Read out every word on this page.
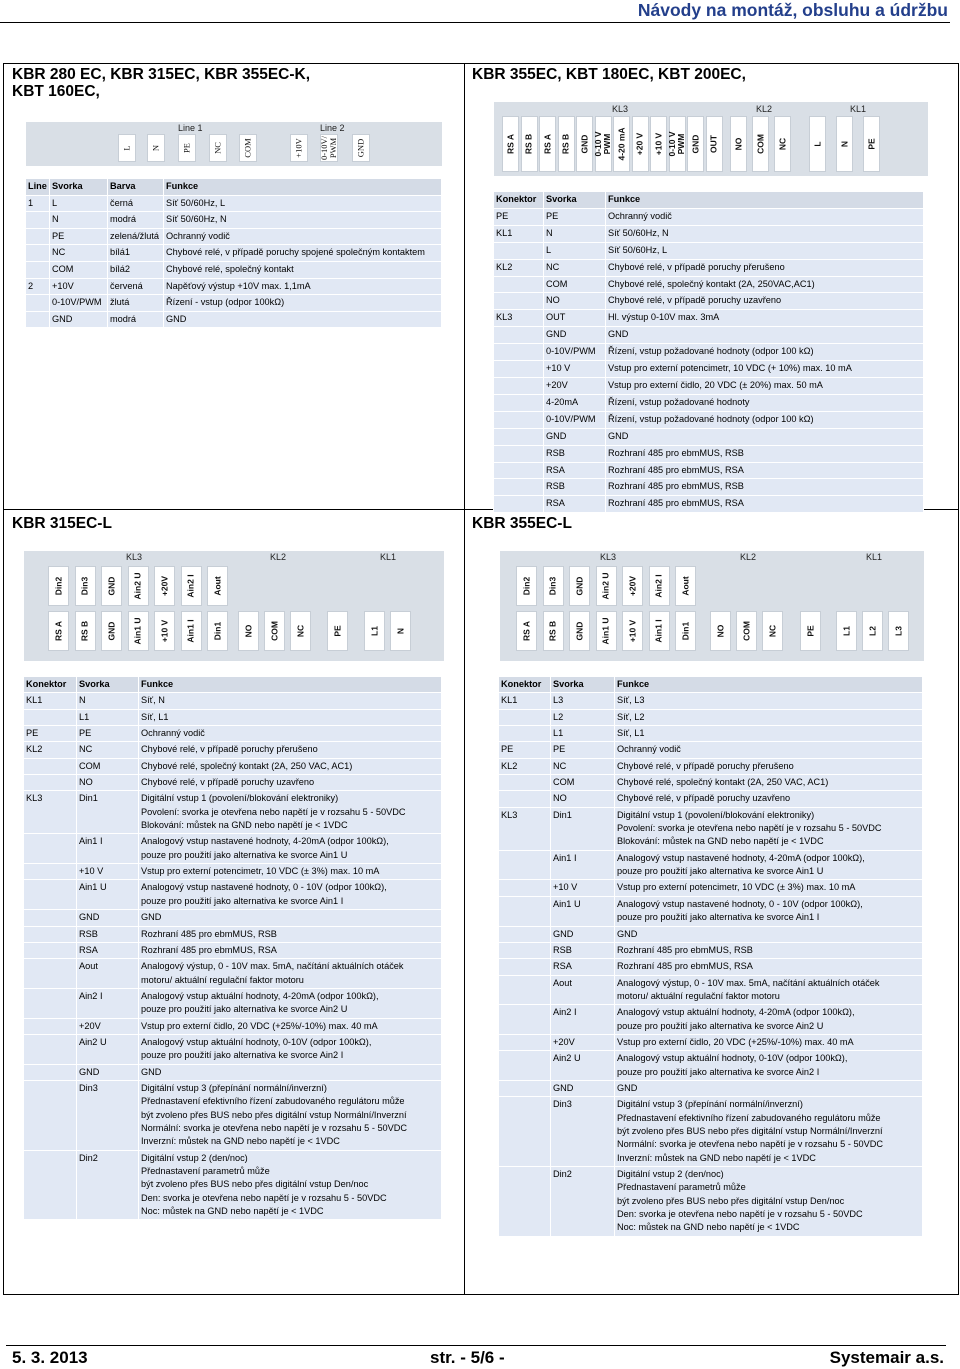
Návody na montáž, obsluhu a údržbu
KBR 280 EC, KBR 315EC, KBR 355EC-K,
KBT 160EC,
Line 1	Line 2
L N PE NC COM	+10V 0-10V/
PWM GND
Line	Svorka	Barva	Funkce
1	L	černá	Síť 50/60Hz, L
	N	modrá	Síť 50/60Hz, N
	PE	zelená/žlutá	Ochranný vodič
	NC	bílá1	Chybové relé, v případě poruchy spojené společným kontaktem
	COM	bílá2	Chybové relé, společný kontakt
2	+10V	červená	Napěťový výstup +10V max. 1,1mA
	0-10V/PWM	žlutá	Řízení - vstup (odpor 100kΩ)
	GND	modrá	GND
KBR 355EC, KBT 180EC, KBT 200EC,
KL3	KL2	KL1
RS A RS B RS A RS B GND 0-10 V
PWM 4-20 mA +20 V +10 V 0-10 V
PWM GND OUT NO COM NC	L N PE
Konektor	Svorka	Funkce
PE	PE	Ochranný vodič
KL1	N	Síť 50/60Hz, N
	L	Síť 50/60Hz, L
KL2	NC	Chybové relé, v případě poruchy přerušeno
	COM	Chybové relé, společný kontakt (2A, 250VAC,AC1)
	NO	Chybové relé, v případě poruchy uzavřeno
KL3	OUT	Hl. výstup 0-10V max. 3mA
	GND	GND
	0-10V/PWM	Řízení, vstup požadované hodnoty (odpor 100 kΩ)
	+10 V	Vstup pro externí potencimetr, 10 VDC (+ 10%) max. 10 mA
	+20V	Vstup pro externí čidlo, 20 VDC (± 20%) max. 50 mA
	4-20mA	Řízení, vstup požadované hodnoty
	0-10V/PWM	Řízení, vstup požadované hodnoty (odpor 100 kΩ)
	GND	GND
	RSB	Rozhraní 485 pro ebmMUS, RSB
	RSA	Rozhraní 485 pro ebmMUS, RSA
	RSB	Rozhraní 485 pro ebmMUS, RSB
	RSA	Rozhraní 485 pro ebmMUS, RSA
KBR 315EC-L
KL3	KL2	KL1
Din2 Din3 GND Ain2 U +20V Ain2 I Aout
RS A RS B GND Ain1 U +10 V Ain1 I Din1 NO COM NC	PE	L1 N
Konektor	Svorka	Funkce
KL1	N	Síť, N
	L1	Síť, L1
PE	PE	Ochranný vodič
KL2	NC	Chybové relé, v případě poruchy přerušeno
	COM	Chybové relé, společný kontakt (2A, 250 VAC, AC1)
	NO	Chybové relé, v případě poruchy uzavřeno
KL3	Din1	Digitální vstup 1 (povolení/blokování elektroniky)
Povolení: svorka je otevřena nebo napětí je v rozsahu 5 - 50VDC
Blokování: můstek na GND nebo napětí je < 1VDC
	Ain1 I	Analogový vstup nastavené hodnoty, 4-20mA (odpor 100kΩ),
pouze pro použití jako alternativa ke svorce Ain1 U
	+10 V	Vstup pro externí potencimetr, 10 VDC (± 3%) max. 10 mA
	Ain1 U	Analogový vstup nastavené hodnoty, 0 - 10V (odpor 100kΩ),
pouze pro použití jako alternativa ke svorce Ain1 I
	GND	GND
	RSB	Rozhraní 485 pro ebmMUS, RSB
	RSA	Rozhraní 485 pro ebmMUS, RSA
	Aout	Analogový výstup, 0 - 10V max. 5mA, načítání aktuálních otáček
motoru/ aktuální regulační faktor motoru
	Ain2 I	Analogový vstup aktuální hodnoty, 4-20mA (odpor 100kΩ),
pouze pro použití jako alternativa ke svorce Ain2 U
	+20V	Vstup pro externí čidlo, 20 VDC (+25%/-10%) max. 40 mA
	Ain2 U	Analogový vstup aktuální hodnoty, 0-10V (odpor 100kΩ),
pouze pro použití jako alternativa ke svorce Ain2 I
	GND	GND
	Din3	Digitální vstup 3 (přepínání normální/inverzní)
Přednastavení efektivního řízení zabudovaného regulátoru může
být zvoleno přes BUS nebo přes digitální vstup Normální/Inverzní
Normální: svorka je otevřena nebo napětí je v rozsahu 5 - 50VDC
Inverzní: můstek na GND nebo napětí je < 1VDC
	Din2	Digitální vstup 2 (den/noc)
Přednastavení parametrů může
být zvoleno přes BUS nebo přes digitální vstup Den/noc
Den: svorka je otevřena nebo napětí je v rozsahu 5 - 50VDC
Noc: můstek na GND nebo napětí je < 1VDC
KBR 355EC-L
KL3	KL2	KL1
Din2 Din3 GND Ain2 U +20V Ain2 I Aout
RS A RS B GND Ain1 U +10 V Ain1 I Din1	NO COM NC	PE	L1 L2 L3
Konektor	Svorka	Funkce
KL1	L3	Síť, L3
	L2	Síť, L2
	L1	Síť, L1
PE	PE	Ochranný vodič
KL2	NC	Chybové relé, v případě poruchy přerušeno
	COM	Chybové relé, společný kontakt (2A, 250 VAC, AC1)
	NO	Chybové relé, v případě poruchy uzavřeno
KL3	Din1	Digitální vstup 1 (povolení/blokování elektroniky)
Povolení: svorka je otevřena nebo napětí je v rozsahu 5 - 50VDC
Blokování: můstek na GND nebo napětí je < 1VDC
	Ain1 I	Analogový vstup nastavené hodnoty, 4-20mA (odpor 100kΩ),
pouze pro použití jako alternativa ke svorce Ain1 U
	+10 V	Vstup pro externí potencimetr, 10 VDC (± 3%) max. 10 mA
	Ain1 U	Analogový vstup nastavené hodnoty, 0 - 10V (odpor 100kΩ),
pouze pro použití jako alternativa ke svorce Ain1 I
	GND	GND
	RSB	Rozhraní 485 pro ebmMUS, RSB
	RSA	Rozhraní 485 pro ebmMUS, RSA
	Aout	Analogový výstup, 0 - 10V max. 5mA, načítání aktuálních otáček
motoru/ aktuální regulační faktor motoru
	Ain2 I	Analogový vstup aktuální hodnoty, 4-20mA (odpor 100kΩ),
pouze pro použití jako alternativa ke svorce Ain2 U
	+20V	Vstup pro externí čidlo, 20 VDC (+25%/-10%) max. 40 mA
	Ain2 U	Analogový vstup aktuální hodnoty, 0-10V (odpor 100kΩ),
pouze pro použití jako alternativa ke svorce Ain2 I
	GND	GND
	Din3	Digitální vstup 3 (přepínání normální/inverzní)
Přednastavení efektivního řízení zabudovaného regulátoru může
být zvoleno přes BUS nebo přes digitální vstup Normální/Inverzní
Normální: svorka je otevřena nebo napětí je v rozsahu 5 - 50VDC
Inverzní: můstek na GND nebo napětí je < 1VDC
	Din2	Digitální vstup 2 (den/noc)
Přednastavení parametrů může
být zvoleno přes BUS nebo přes digitální vstup Den/noc
Den: svorka je otevřena nebo napětí je v rozsahu 5 - 50VDC
Noc: můstek na GND nebo napětí je < 1VDC
5. 3. 2013	str. - 5/6 -	Systemair a.s.
